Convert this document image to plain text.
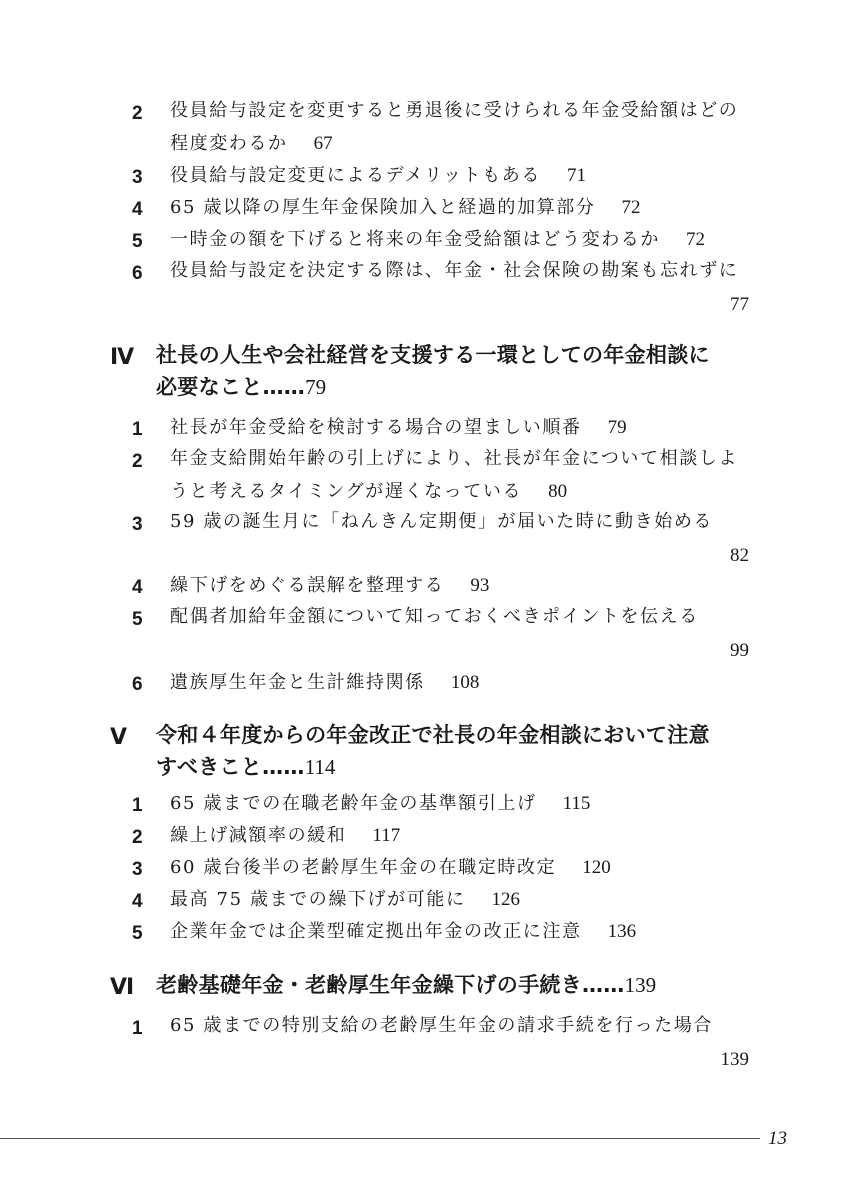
2 役員給与設定を変更すると勇退後に受けられる年金受給額はどの
程度変わるか 67
3 役員給与設定変更によるデメリットもある 71
4 65 歳以降の厚生年金保険加入と経過的加算部分 72
5 一時金の額を下げると将来の年金受給額はどう変わるか 72
6 役員給与設定を決定する際は、年金・社会保険の勘案も忘れずに
77
Ⅳ 社長の人生や会社経営を支援する一環としての年金相談に
必要なこと……79
1 社長が年金受給を検討する場合の望ましい順番 79
2 年金支給開始年齢の引上げにより、社長が年金について相談しよ
うと考えるタイミングが遅くなっている 80
3 59 歳の誕生月に「ねんきん定期便」が届いた時に動き始める
82
4 繰下げをめぐる誤解を整理する 93
5 配偶者加給年金額について知っておくべきポイントを伝える
99
6 遺族厚生年金と生計維持関係 108
Ⅴ 令和４年度からの年金改正で社長の年金相談において注意
すべきこと……114
1 65 歳までの在職老齢年金の基準額引上げ 115
2 繰上げ減額率の緩和 117
3 60 歳台後半の老齢厚生年金の在職定時改定 120
4 最高 75 歳までの繰下げが可能に 126
5 企業年金では企業型確定拠出年金の改正に注意 136
Ⅵ 老齢基礎年金・老齢厚生年金繰下げの手続き……139
1 65 歳までの特別支給の老齢厚生年金の請求手続を行った場合
139
13
